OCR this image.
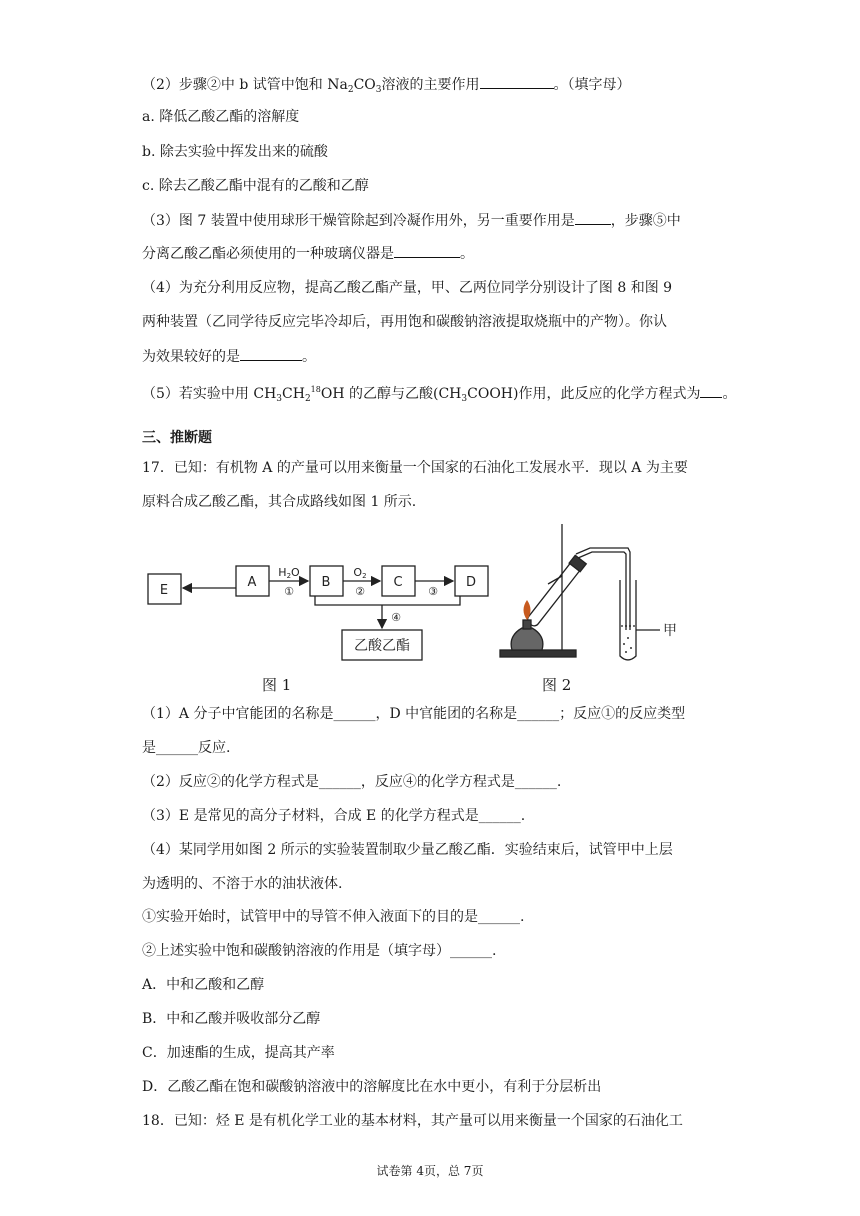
（2）步骤②中 b 试管中饱和 $Na_2CO_3$溶液的主要作用	。（填字母）
a. 降低乙酸乙酯的溶解度
b. 除去实验中挥发出来的硫酸
c. 除去乙酸乙酯中混有的乙酸和乙醇
（3）图 7 装置中使用球形干燥管除起到冷凝作用外，另一重要作用是	，步骤⑤中
分离乙酸乙酯必须使用的一种玻璃仪器是	。
（4）为充分利用反应物，提高乙酸乙酯产量，甲、乙两位同学分别设计了图 8 和图 9
两种装置（乙同学待反应完毕冷却后，再用饱和碳酸钠溶液提取烧瓶中的产物）。你认
为效果较好的是	。
（5）若实验中用 $CH_3CH_2^{18}OH$ 的乙醇与乙酸$(CH_3COOH)$作用，此反应的化学方程式为 。
三、推断题
17．已知：有机物 A 的产量可以用来衡量一个国家的石油化工发展水平．现以 A 为主要
原料合成乙酸乙酯，其合成路线如图 1 所示.
E
A	B	C	D
H2O
①
O2
②	③
④
乙酸乙酯
甲
图 1	图 2
（1）A 分子中官能团的名称是______，D 中官能团的名称是______；反应①的反应类型
是______反应.
（2）反应②的化学方程式是______，反应④的化学方程式是______.
（3）E 是常见的高分子材料，合成 E 的化学方程式是______.
（4）某同学用如图 2 所示的实验装置制取少量乙酸乙酯．实验结束后，试管甲中上层
为透明的、不溶于水的油状液体.
①实验开始时，试管甲中的导管不伸入液面下的目的是______.
②上述实验中饱和碳酸钠溶液的作用是（填字母）______.
A．中和乙酸和乙醇
B．中和乙酸并吸收部分乙醇
C．加速酯的生成，提高其产率
D．乙酸乙酯在饱和碳酸钠溶液中的溶解度比在水中更小，有利于分层析出
18．已知：烃 E 是有机化学工业的基本材料，其产量可以用来衡量一个国家的石油化工
试卷第 4页，总 7页
